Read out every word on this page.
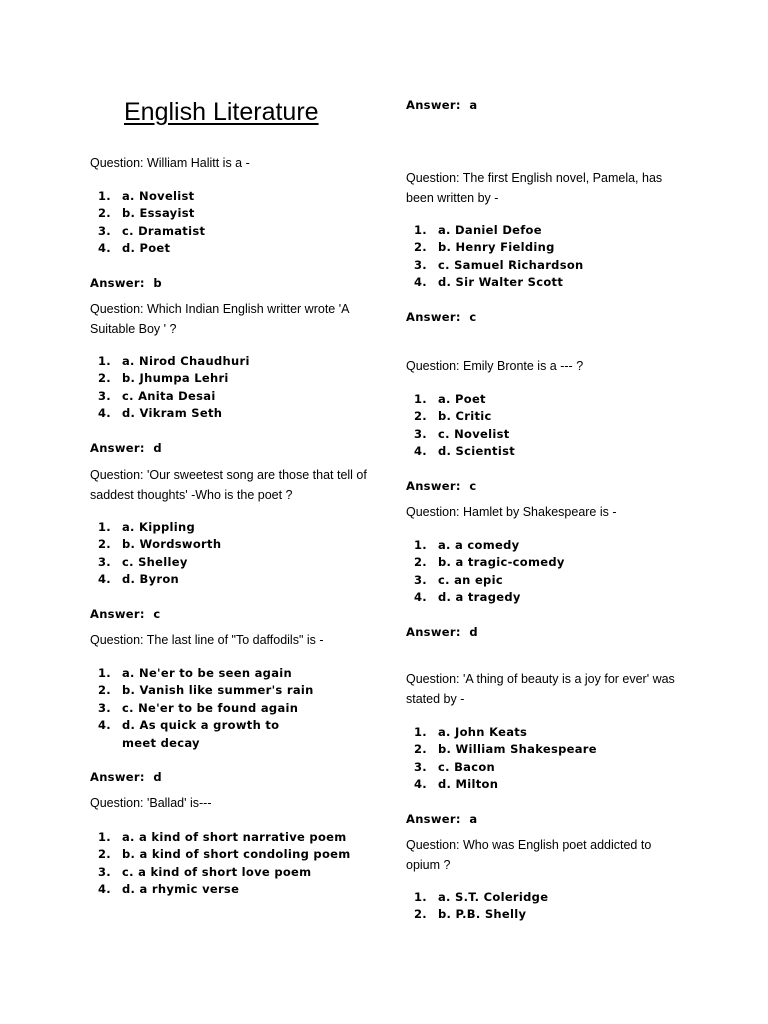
English Literature

Question: William Halitt is a -

1. a. Novelist
2. b. Essayist
3. c. Dramatist
4. d. Poet

Answer:  b

Question: Which Indian English writter wrote 'A Suitable Boy ' ?

1. a. Nirod Chaudhuri
2. b. Jhumpa Lehri
3. c. Anita Desai
4. d. Vikram Seth

Answer:  d

Question: 'Our sweetest song are those that tell of saddest thoughts' -Who is the poet ?

1. a. Kippling
2. b. Wordsworth
3. c. Shelley
4. d. Byron

Answer:  c

Question: The last line of "To daffodils" is -

1. a. Ne'er to be seen again
2. b. Vanish like summer's rain
3. c. Ne'er to be found again
4. d. As quick a growth to meet decay

Answer:  d

Question: 'Ballad' is---

1. a. a kind of short narrative poem
2. b. a kind of short condoling poem
3. c. a kind of short love poem
4. d. a rhymic verse

Answer:  a

Question: The first English novel, Pamela, has been written by -

1. a. Daniel Defoe
2. b. Henry Fielding
3. c. Samuel Richardson
4. d. Sir Walter Scott

Answer:  c

Question: Emily Bronte is a --- ?

1. a. Poet
2. b. Critic
3. c. Novelist
4. d. Scientist

Answer:  c

Question: Hamlet by Shakespeare is -

1. a. a comedy
2. b. a tragic-comedy
3. c. an epic
4. d. a tragedy

Answer:  d

Question: 'A thing of beauty is a joy for ever' was stated by -

1. a. John Keats
2. b. William Shakespeare
3. c. Bacon
4. d. Milton

Answer:  a

Question: Who was English poet addicted to opium ?

1. a. S.T. Coleridge
2. b. P.B. Shelly
